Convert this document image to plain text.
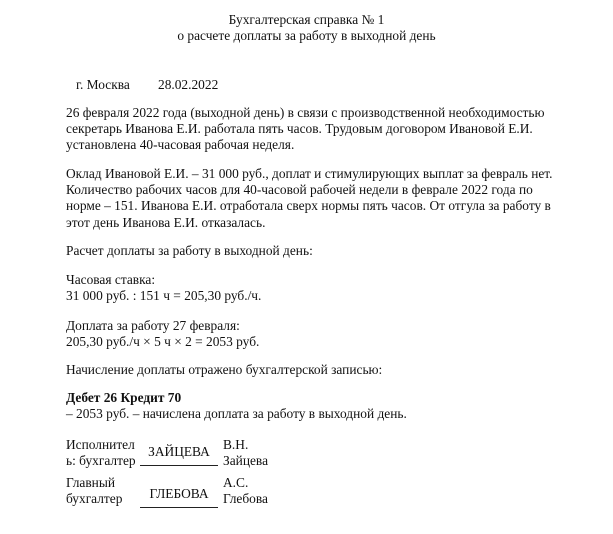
Бухгалтерская справка № 1
о расчете доплаты за работу в выходной день
г. Москва 28.02.2022
26 февраля 2022 года (выходной день) в связи с производственной необходимостью
секретарь Иванова Е.И. работала пять часов. Трудовым договором Ивановой Е.И.
установлена 40-часовая рабочая неделя.
Оклад Ивановой Е.И. – 31 000 руб., доплат и стимулирующих выплат за февраль нет.
Количество рабочих часов для 40-часовой рабочей недели в феврале 2022 года по
норме – 151. Иванова Е.И. отработала сверх нормы пять часов. От отгула за работу в
этот день Иванова Е.И. отказалась.
Расчет доплаты за работу в выходной день:
Часовая ставка:
31 000 руб. : 151 ч = 205,30 руб./ч.
Доплата за работу 27 февраля:
205,30 руб./ч × 5 ч × 2 = 2053 руб.
Начисление доплаты отражено бухгалтерской записью:
Дебет 26 Кредит 70
– 2053 руб. – начислена доплата за работу в выходной день.
Исполнител
ь: бухгалтер
ЗАЙЦЕВА В.Н.
Зайцева
Главный
бухгалтер	ГЛЕБОВА
А.С.
Глебова
